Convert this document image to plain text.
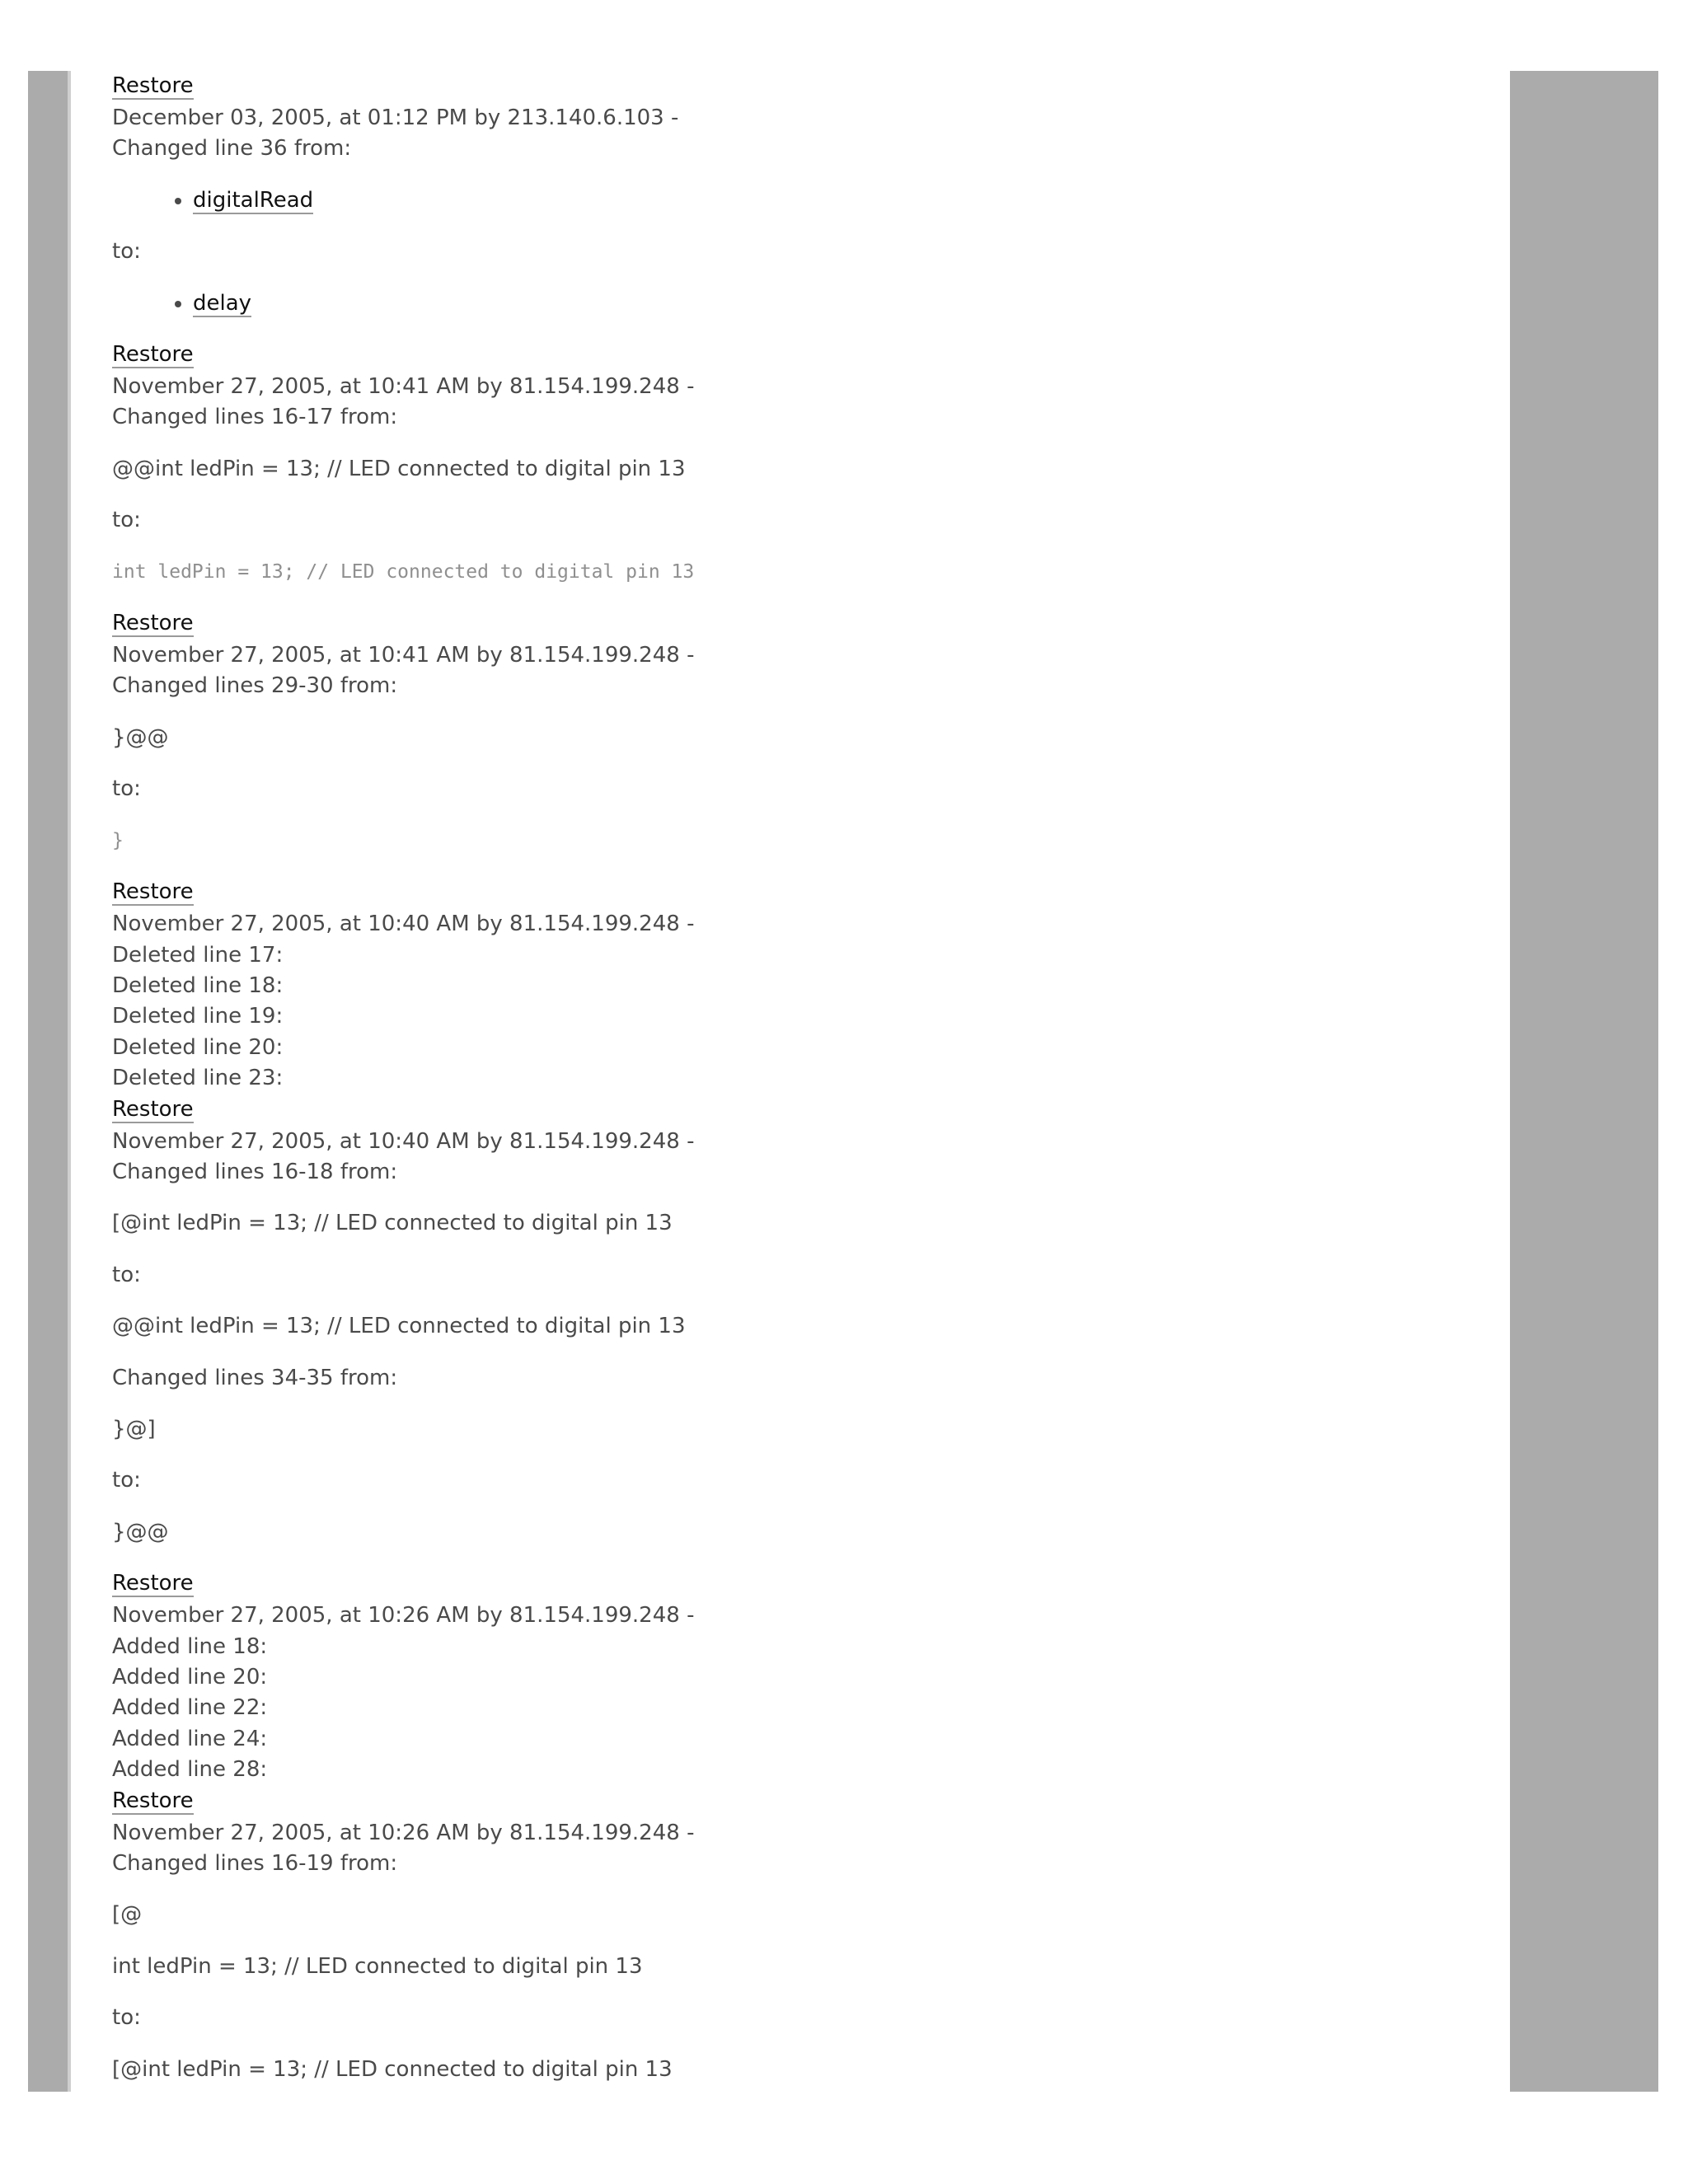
Restore
December 03, 2005, at 01:12 PM by 213.140.6.103 -
Changed line 36 from:
• digitalRead
to:
• delay
Restore
November 27, 2005, at 10:41 AM by 81.154.199.248 -
Changed lines 16-17 from:
@@int ledPin = 13; // LED connected to digital pin 13
to:
int ledPin = 13; // LED connected to digital pin 13
Restore
November 27, 2005, at 10:41 AM by 81.154.199.248 -
Changed lines 29-30 from:
}@@
to:
}
Restore
November 27, 2005, at 10:40 AM by 81.154.199.248 -
Deleted line 17:
Deleted line 18:
Deleted line 19:
Deleted line 20:
Deleted line 23:
Restore
November 27, 2005, at 10:40 AM by 81.154.199.248 -
Changed lines 16-18 from:
[@int ledPin = 13; // LED connected to digital pin 13
to:
@@int ledPin = 13; // LED connected to digital pin 13
Changed lines 34-35 from:
}@]
to:
}@@
Restore
November 27, 2005, at 10:26 AM by 81.154.199.248 -
Added line 18:
Added line 20:
Added line 22:
Added line 24:
Added line 28:
Restore
November 27, 2005, at 10:26 AM by 81.154.199.248 -
Changed lines 16-19 from:
[@
int ledPin = 13; // LED connected to digital pin 13
to:
[@int ledPin = 13; // LED connected to digital pin 13
